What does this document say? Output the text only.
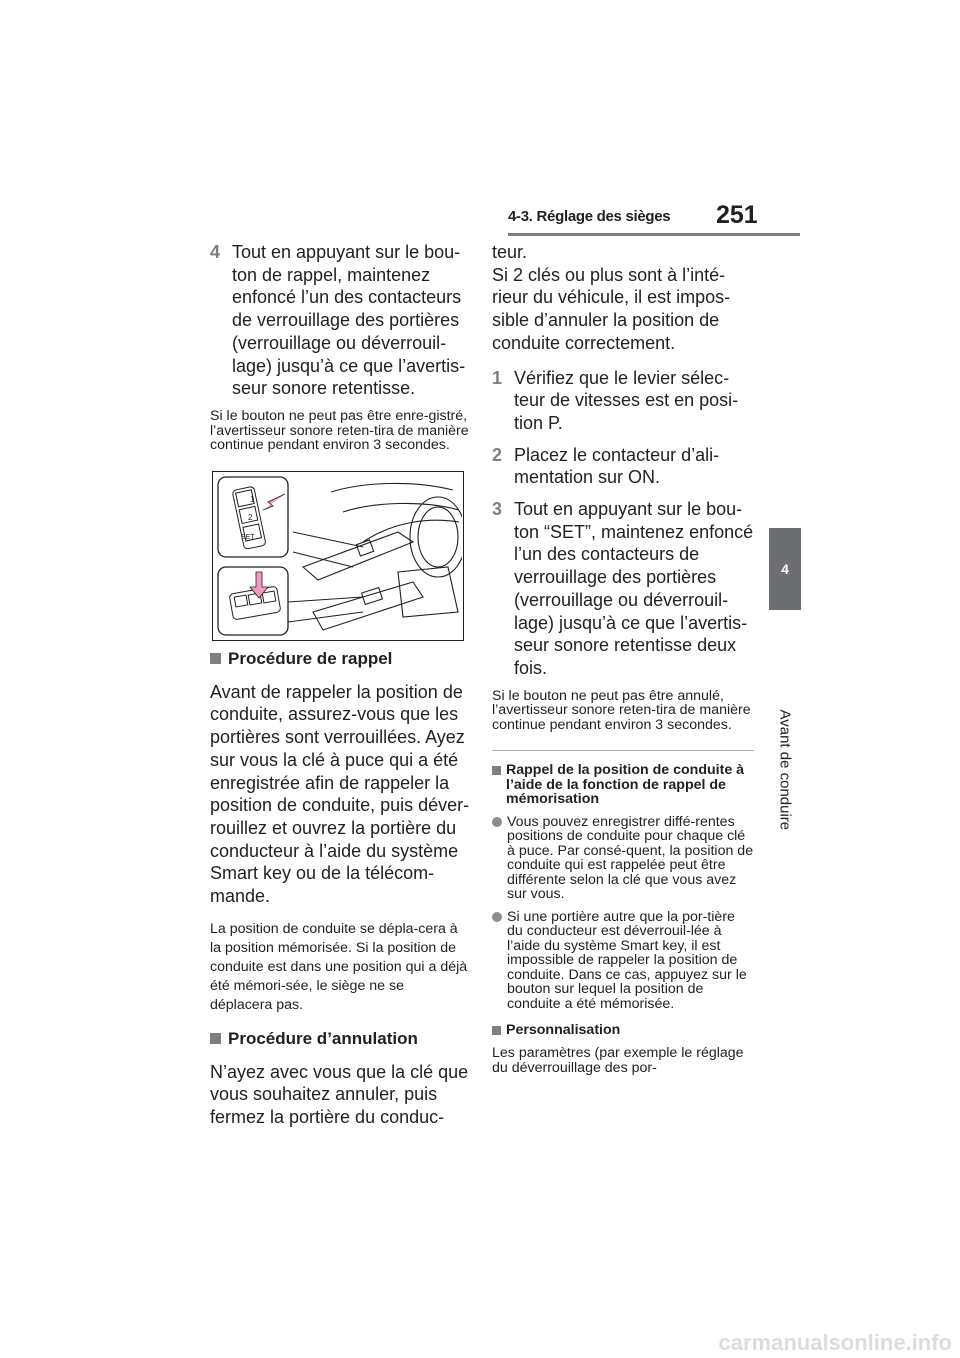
4-3. Réglage des sièges 251
4
Avant de conduire
4 Tout en appuyant sur le bou-ton de rappel, maintenez enfoncé l’un des contacteurs de verrouillage des portières (verrouillage ou déverrouil-lage) jusqu’à ce que l’avertis-seur sonore retentisse.

Si le bouton ne peut pas être enre-gistré, l’avertisseur sonore reten-tira de manière continue pendant environ 3 secondes.

1
2
SET
Procédure de rappel

Avant de rappeler la position de conduite, assurez-vous que les portières sont verrouillées. Ayez sur vous la clé à puce qui a été enregistrée afin de rappeler la position de conduite, puis déver-rouillez et ouvrez la portière du conducteur à l’aide du système Smart key ou de la télécom-mande.

La position de conduite se dépla-cera à la position mémorisée. Si la position de conduite est dans une position qui a déjà été mémori-sée, le siège ne se déplacera pas.

Procédure d’annulation

N’ayez avec vous que la clé que vous souhaitez annuler, puis fermez la portière du conduc-

teur.

Si 2 clés ou plus sont à l’inté-rieur du véhicule, il est impos-sible d’annuler la position de conduite correctement.

1 Vérifiez que le levier sélec-teur de vitesses est en posi-tion P.
2 Placez le contacteur d’ali-mentation sur ON.
3 Tout en appuyant sur le bou-ton “SET”, maintenez enfoncé l’un des contacteurs de verrouillage des portières (verrouillage ou déverrouil-lage) jusqu’à ce que l’avertis-seur sonore retentisse deux fois.

Si le bouton ne peut pas être annulé, l’avertisseur sonore reten-tira de manière continue pendant environ 3 secondes.

Rappel de la position de conduite à l’aide de la fonction de rappel de mémorisation
Vous pouvez enregistrer diffé-rentes positions de conduite pour chaque clé à puce. Par consé-quent, la position de conduite qui est rappelée peut être différente selon la clé que vous avez sur vous.
Si une portière autre que la por-tière du conducteur est déverrouil-lée à l’aide du système Smart key, il est impossible de rappeler la position de conduite. Dans ce cas, appuyez sur le bouton sur lequel la position de conduite a été mémorisée.
Personnalisation

Les paramètres (par exemple le réglage du déverrouillage des por-

carmanualsonline.info
